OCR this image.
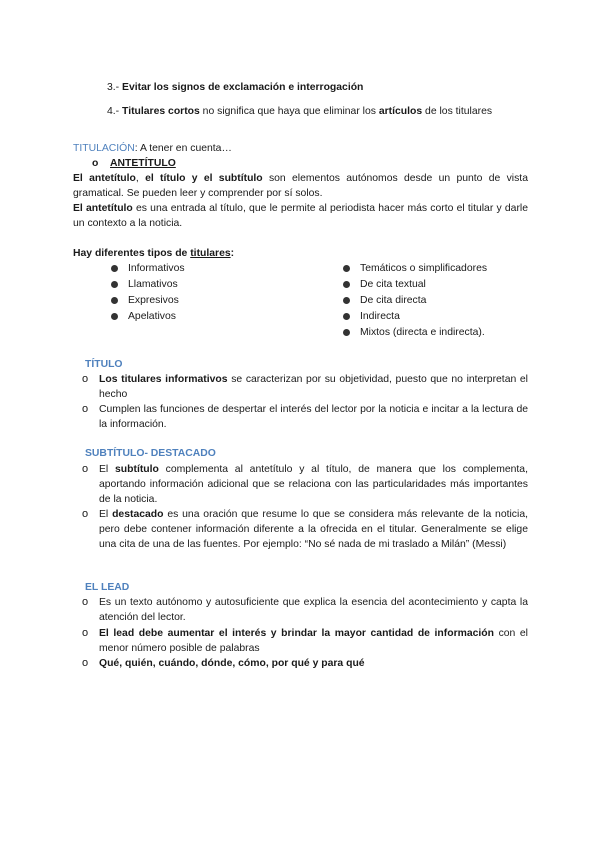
3.- Evitar los signos de exclamación e interrogación
4.- Titulares cortos no significa que haya que eliminar los artículos de los titulares
TITULACIÓN: A tener en cuenta…
o ANTETÍTULO
El antetítulo, el título y el subtítulo son elementos autónomos desde un punto de vista gramatical. Se pueden leer y comprender por sí solos.
El antetítulo es una entrada al título, que le permite al periodista hacer más corto el titular y darle un contexto a la noticia.
Hay diferentes tipos de titulares:
Informativos
Llamativos
Expresivos
Apelativos
Temáticos o simplificadores
De cita textual
De cita directa
Indirecta
Mixtos (directa e indirecta).
TÍTULO
o	Los titulares informativos se caracterizan por su objetividad, puesto que no interpretan el hecho
o	Cumplen las funciones de despertar el interés del lector por la noticia e incitar a la lectura de la información.
SUBTÍTULO- DESTACADO
o	El subtítulo complementa al antetítulo y al título, de manera que los complementa, aportando información adicional que se relaciona con las particularidades más importantes de la noticia.
o	El destacado es una oración que resume lo que se considera más relevante de la noticia, pero debe contener información diferente a la ofrecida en el titular. Generalmente se elige una cita de una de las fuentes. Por ejemplo: “No sé nada de mi traslado a Milán” (Messi)
EL LEAD
o	Es un texto autónomo y autosuficiente que explica la esencia del acontecimiento y capta la atención del lector.
o	El lead debe aumentar el interés y brindar la mayor cantidad de información con el menor número posible de palabras
o	Qué, quién, cuándo, dónde, cómo, por qué y para qué
